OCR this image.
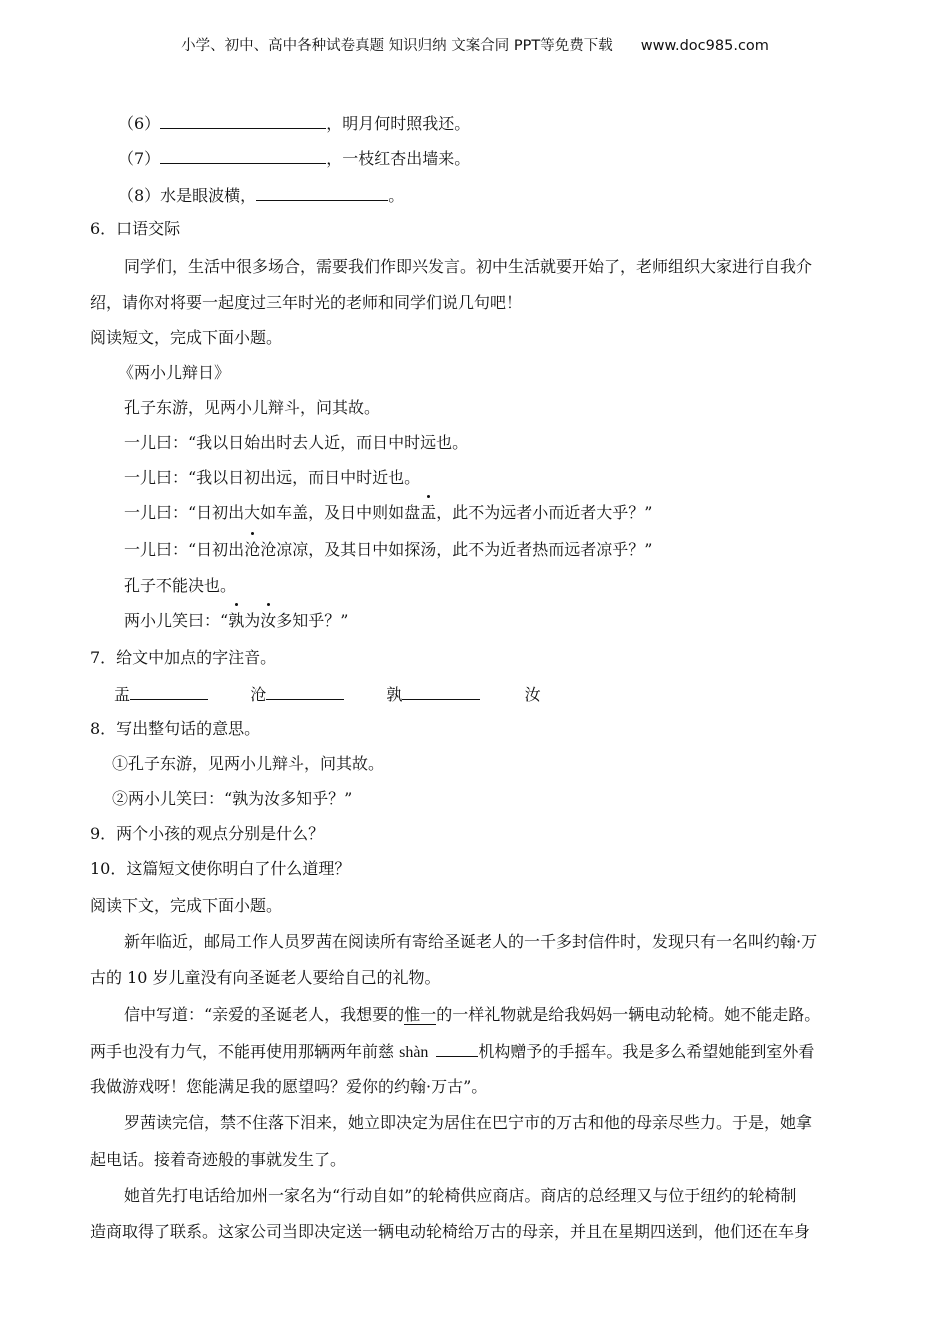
小学、初中、高中各种试卷真题 知识归纳 文案合同 PPT等免费下载 www.doc985.com
（6）	，明月何时照我还。
（7）	，一枝红杏出墙来。
（8）水是眼波横，	。
6．口语交际
同学们，生活中很多场合，需要我们作即兴发言。初中生活就要开始了，老师组织大家进行自我介
绍，请你对将要一起度过三年时光的老师和同学们说几句吧！
阅读短文，完成下面小题。
《两小儿辩日》
孔子东游，见两小儿辩斗，问其故。
一儿曰：“我以日始出时去人近，而日中时远也。
一儿曰：“我以日初出远，而日中时近也。
一儿曰：“日初出大如车盖，及日中则如盘盂，此不为远者小而近者大乎？”
一儿曰：“日初出沧沧凉凉，及其日中如探汤，此不为近者热而远者凉乎？”
孔子不能决也。
两小儿笑曰：“孰为汝多知乎？”
7．给文中加点的字注音。
盂	沧	孰	汝
8．写出整句话的意思。
①孔子东游，见两小儿辩斗，问其故。
②两小儿笑曰：“孰为汝多知乎？”
9．两个小孩的观点分别是什么？
10．这篇短文使你明白了什么道理？
阅读下文，完成下面小题。
新年临近，邮局工作人员罗茜在阅读所有寄给圣诞老人的一千多封信件时，发现只有一名叫约翰·万
古的 10 岁儿童没有向圣诞老人要给自己的礼物。
信中写道：“亲爱的圣诞老人，我想要的惟一的一样礼物就是给我妈妈一辆电动轮椅。她不能走路。
两手也没有力气，不能再使用那辆两年前慈 shàn	机构赠予的手摇车。我是多么希望她能到室外看
我做游戏呀！您能满足我的愿望吗？爱你的约翰·万古”。
罗茜读完信，禁不住落下泪来，她立即决定为居住在巴宁市的万古和他的母亲尽些力。于是，她拿
起电话。接着奇迹般的事就发生了。
她首先打电话给加州一家名为“行动自如”的轮椅供应商店。商店的总经理又与位于纽约的轮椅制
造商取得了联系。这家公司当即决定送一辆电动轮椅给万古的母亲，并且在星期四送到，他们还在车身
